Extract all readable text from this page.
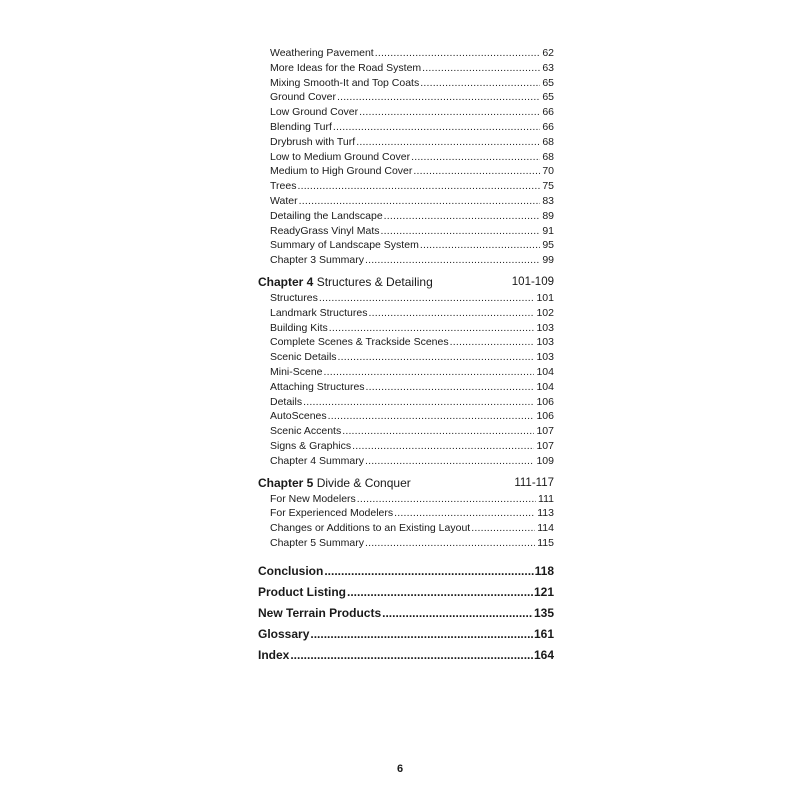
Weathering Pavement .....	62
More Ideas for the Road System .....	63
Mixing Smooth-It and Top Coats .....	65
Ground Cover .....	65
Low Ground Cover .....	66
Blending Turf .....	66
Drybrush with Turf .....	68
Low to Medium Ground Cover .....	68
Medium to High Ground Cover .....	70
Trees .....	75
Water .....	83
Detailing the Landscape .....	89
ReadyGrass Vinyl Mats .....	91
Summary of Landscape System .....	95
Chapter 3 Summary .....	99
Chapter 4 Structures & Detailing	101-109
Structures .....	101
Landmark Structures .....	102
Building Kits .....	103
Complete Scenes & Trackside Scenes .....	103
Scenic Details .....	103
Mini-Scene .....	104
Attaching Structures .....	104
Details .....	106
AutoScenes .....	106
Scenic Accents .....	107
Signs & Graphics .....	107
Chapter 4 Summary .....	109
Chapter 5 Divide & Conquer	111-117
For New Modelers .....	111
For Experienced Modelers .....	113
Changes or Additions to an Existing Layout .....	114
Chapter 5 Summary .....	115
Conclusion .....	118
Product Listing .....	121
New Terrain Products .....	135
Glossary .....	161
Index .....	164
6
